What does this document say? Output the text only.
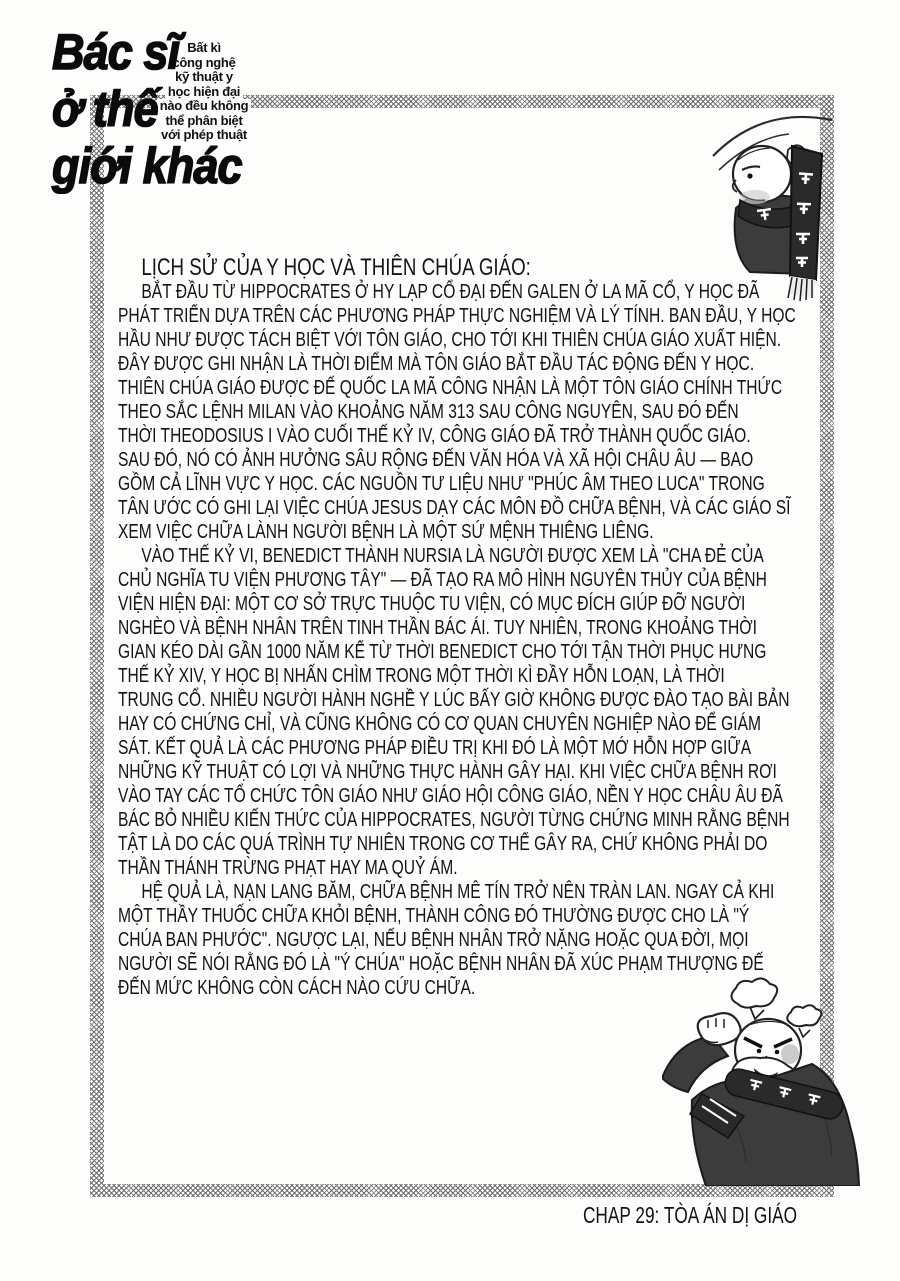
Bác sĩ
ở thế
giới khác
Bất kì
công nghệ
kỹ thuật y
học hiện đại
nào đều không
thể phân biệt
với phép thuật
LỊCH SỬ CỦA Y HỌC VÀ THIÊN CHÚA GIÁO:
BẮT ĐẦU TỪ HIPPOCRATES Ở HY LẠP CỔ ĐẠI ĐẾN GALEN Ở LA MÃ CỔ, Y HỌC ĐÃ
PHÁT TRIỂN DỰA TRÊN CÁC PHƯƠNG PHÁP THỰC NGHIỆM VÀ LÝ TÍNH. BAN ĐẦU, Y HỌC
HẦU NHƯ ĐƯỢC TÁCH BIỆT VỚI TÔN GIÁO, CHO TỚI KHI THIÊN CHÚA GIÁO XUẤT HIỆN.
ĐÂY ĐƯỢC GHI NHẬN LÀ THỜI ĐIỂM MÀ TÔN GIÁO BẮT ĐẦU TÁC ĐỘNG ĐẾN Y HỌC.
THIÊN CHÚA GIÁO ĐƯỢC ĐẾ QUỐC LA MÃ CÔNG NHẬN LÀ MỘT TÔN GIÁO CHÍNH THỨC
THEO SẮC LỆNH MILAN VÀO KHOẢNG NĂM 313 SAU CÔNG NGUYÊN, SAU ĐÓ ĐẾN
THỜI THEODOSIUS I VÀO CUỐI THẾ KỶ IV, CÔNG GIÁO ĐÃ TRỞ THÀNH QUỐC GIÁO.
SAU ĐÓ, NÓ CÓ ẢNH HƯỞNG SÂU RỘNG ĐẾN VĂN HÓA VÀ XÃ HỘI CHÂU ÂU — BAO
GỒM CẢ LĨNH VỰC Y HỌC. CÁC NGUỒN TƯ LIỆU NHƯ "PHÚC ÂM THEO LUCA" TRONG
TÂN ƯỚC CÓ GHI LẠI VIỆC CHÚA JESUS DẠY CÁC MÔN ĐỒ CHỮA BỆNH, VÀ CÁC GIÁO SĨ
XEM VIỆC CHỮA LÀNH NGƯỜI BỆNH LÀ MỘT SỨ MỆNH THIÊNG LIÊNG.
VÀO THẾ KỶ VI, BENEDICT THÀNH NURSIA LÀ NGƯỜI ĐƯỢC XEM LÀ "CHA ĐẺ CỦA
CHỦ NGHĨA TU VIỆN PHƯƠNG TÂY" — ĐÃ TẠO RA MÔ HÌNH NGUYÊN THỦY CỦA BỆNH
VIỆN HIỆN ĐẠI: MỘT CƠ SỞ TRỰC THUỘC TU VIỆN, CÓ MỤC ĐÍCH GIÚP ĐỠ NGƯỜI
NGHÈO VÀ BỆNH NHÂN TRÊN TINH THẦN BÁC ÁI. TUY NHIÊN, TRONG KHOẢNG THỜI
GIAN KÉO DÀI GẦN 1000 NĂM KỂ TỪ THỜI BENEDICT CHO TỚI TẬN THỜI PHỤC HƯNG
THẾ KỶ XIV, Y HỌC BỊ NHẤN CHÌM TRONG MỘT THỜI KÌ ĐẦY HỖN LOẠN, LÀ THỜI
TRUNG CỔ. NHIỀU NGƯỜI HÀNH NGHỀ Y LÚC BẤY GIỜ KHÔNG ĐƯỢC ĐÀO TẠO BÀI BẢN
HAY CÓ CHỨNG CHỈ, VÀ CŨNG KHÔNG CÓ CƠ QUAN CHUYÊN NGHIỆP NÀO ĐỂ GIÁM
SÁT. KẾT QUẢ LÀ CÁC PHƯƠNG PHÁP ĐIỀU TRỊ KHI ĐÓ LÀ MỘT MỚ HỖN HỢP GIỮA
NHỮNG KỸ THUẬT CÓ LỢI VÀ NHỮNG THỰC HÀNH GÂY HẠI. KHI VIỆC CHỮA BỆNH RƠI
VÀO TAY CÁC TỔ CHỨC TÔN GIÁO NHƯ GIÁO HỘI CÔNG GIÁO, NỀN Y HỌC CHÂU ÂU ĐÃ
BÁC BỎ NHIỀU KIẾN THỨC CỦA HIPPOCRATES, NGƯỜI TỪNG CHỨNG MINH RẰNG BỆNH
TẬT LÀ DO CÁC QUÁ TRÌNH TỰ NHIÊN TRONG CƠ THỂ GÂY RA, CHỨ KHÔNG PHẢI DO
THẦN THÁNH TRỪNG PHẠT HAY MA QUỶ ÁM.
HỆ QUẢ LÀ, NẠN LANG BĂM, CHỮA BỆNH MÊ TÍN TRỞ NÊN TRÀN LAN. NGAY CẢ KHI
MỘT THẦY THUỐC CHỮA KHỎI BỆNH, THÀNH CÔNG ĐÓ THƯỜNG ĐƯỢC CHO LÀ "Ý
CHÚA BAN PHƯỚC". NGƯỢC LẠI, NẾU BỆNH NHÂN TRỞ NẶNG HOẶC QUA ĐỜI, MỌI
NGƯỜI SẼ NÓI RẰNG ĐÓ LÀ "Ý CHÚA" HOẶC BỆNH NHÂN ĐÃ XÚC PHẠM THƯỢNG ĐẾ
ĐẾN MỨC KHÔNG CÒN CÁCH NÀO CỨU CHỮA.
CHAP 29: TÒA ÁN DỊ GIÁO
